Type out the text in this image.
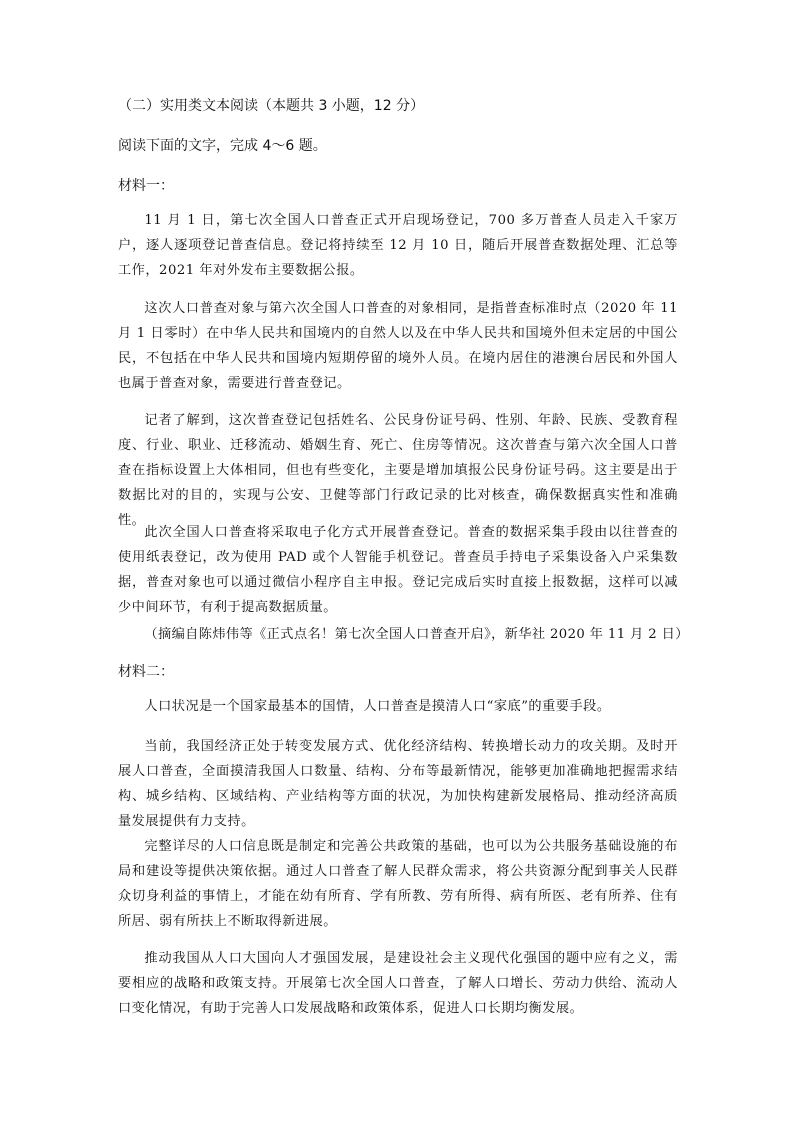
（二）实用类文本阅读（本题共 3 小题，12 分）
阅读下面的文字，完成 4～6 题。
材料一：

11 月 1 日，第七次全国人口普查正式开启现场登记，700 多万普查人员走入千家万户，逐人逐项登记普查信息。登记将持续至 12 月 10 日，随后开展普查数据处理、汇总等工作，2021 年对外发布主要数据公报。

这次人口普查对象与第六次全国人口普查的对象相同，是指普查标准时点（2020 年 11 月 1 日零时）在中华人民共和国境内的自然人以及在中华人民共和国境外但未定居的中国公民，不包括在中华人民共和国境内短期停留的境外人员。在境内居住的港澳台居民和外国人也属于普查对象，需要进行普查登记。

记者了解到，这次普查登记包括姓名、公民身份证号码、性别、年龄、民族、受教育程度、行业、职业、迁移流动、婚姻生育、死亡、住房等情况。这次普查与第六次全国人口普查在指标设置上大体相同，但也有些变化，主要是增加填报公民身份证号码。这主要是出于数据比对的目的，实现与公安、卫健等部门行政记录的比对核查，确保数据真实性和准确性。

此次全国人口普查将采取电子化方式开展普查登记。普查的数据采集手段由以往普查的使用纸表登记，改为使用 PAD 或个人智能手机登记。普查员手持电子采集设备入户采集数据，普查对象也可以通过微信小程序自主申报。登记完成后实时直接上报数据，这样可以减少中间环节，有利于提高数据质量。

（摘编自陈炜伟等《正式点名！第七次全国人口普查开启》，新华社 2020 年 11 月 2 日）

材料二：

人口状况是一个国家最基本的国情，人口普查是摸清人口“家底”的重要手段。

当前，我国经济正处于转变发展方式、优化经济结构、转换增长动力的攻关期。及时开展人口普查，全面摸清我国人口数量、结构、分布等最新情况，能够更加准确地把握需求结构、城乡结构、区域结构、产业结构等方面的状况，为加快构建新发展格局、推动经济高质量发展提供有力支持。

完整详尽的人口信息既是制定和完善公共政策的基础，也可以为公共服务基础设施的布局和建设等提供决策依据。通过人口普查了解人民群众需求，将公共资源分配到事关人民群众切身利益的事情上，才能在幼有所育、学有所教、劳有所得、病有所医、老有所养、住有所居、弱有所扶上不断取得新进展。

推动我国从人口大国向人才强国发展，是建设社会主义现代化强国的题中应有之义，需要相应的战略和政策支持。开展第七次全国人口普查，了解人口增长、劳动力供给、流动人口变化情况，有助于完善人口发展战略和政策体系，促进人口长期均衡发展。
